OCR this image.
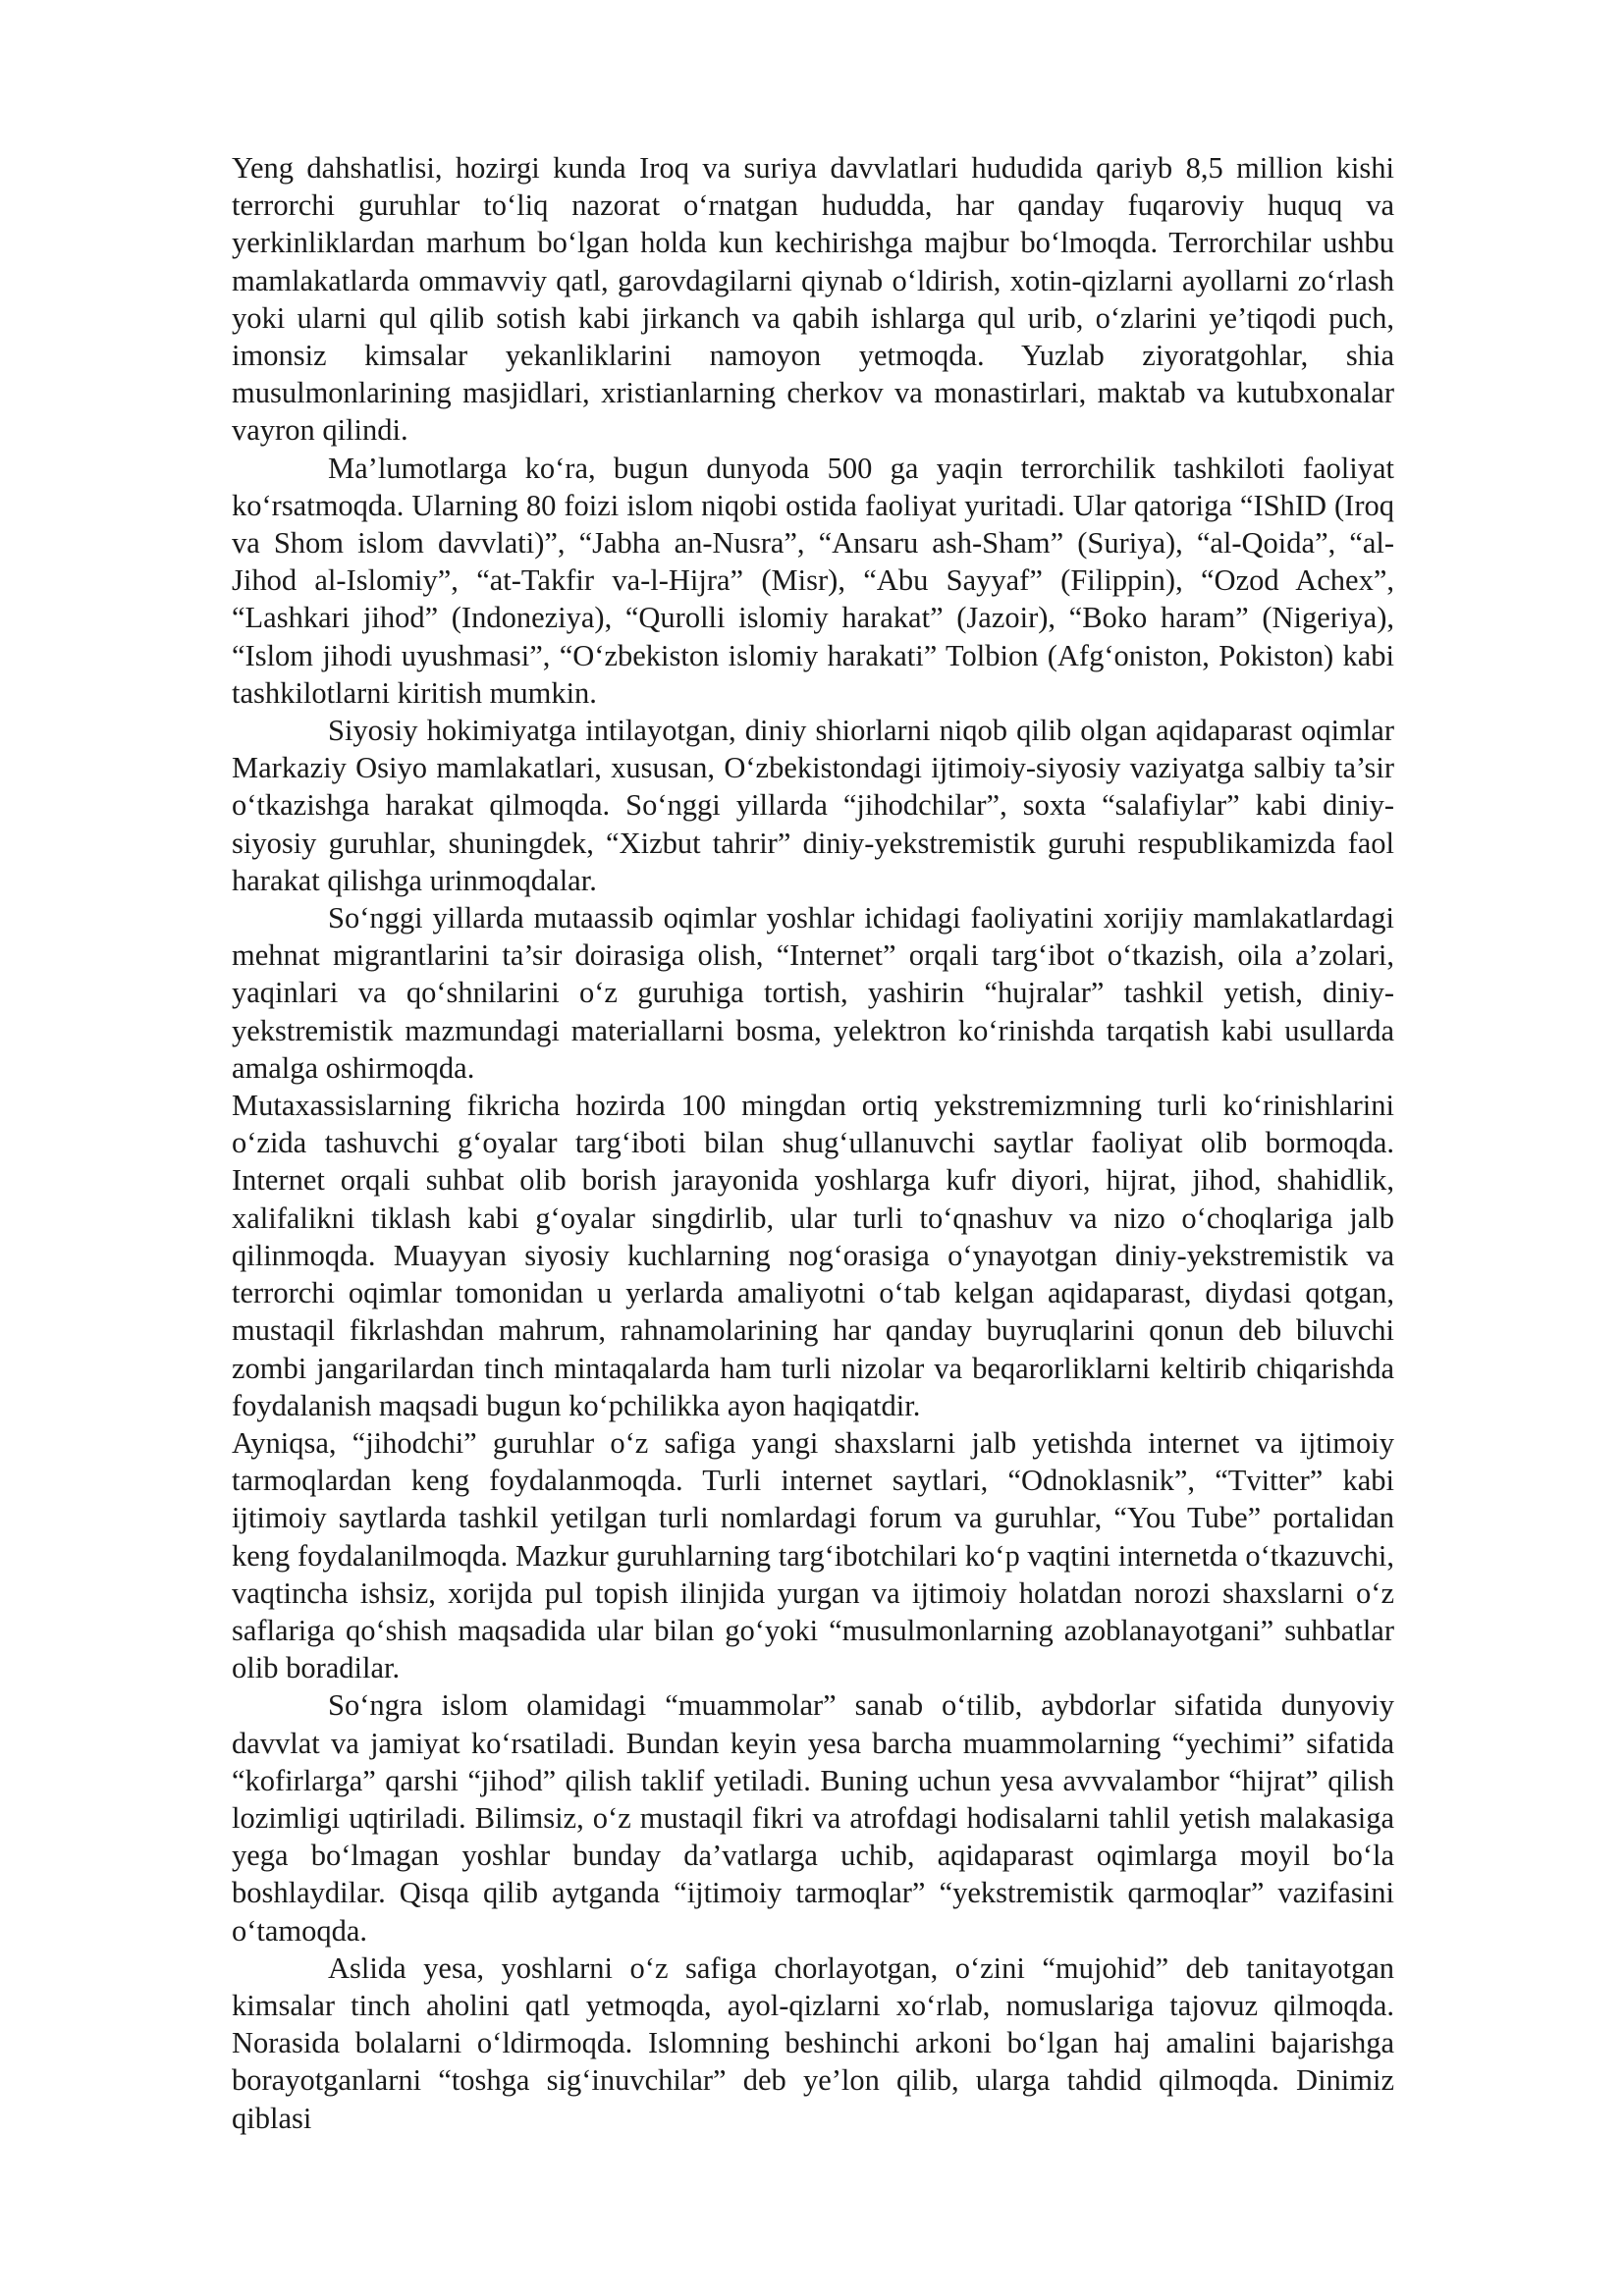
Yeng dahshatlisi, hozirgi kunda Iroq va suriya davvlatlari hududida qariyb 8,5 million kishi terrorchi guruhlar to‘liq nazorat o‘rnatgan hududda, har qanday fuqaroviy huquq va yerkinliklardan marhum bo‘lgan holda kun kechirishga majbur bo‘lmoqda. Terrorchilar ushbu mamlakatlarda ommavviy qatl, garovdagilarni qiynab o‘ldirish, xotin-qizlarni ayollarni zo‘rlash yoki ularni qul qilib sotish kabi jirkanch va qabih ishlarga qul urib, o‘zlarini ye’tiqodi puch, imonsiz kimsalar yekanliklarini namoyon yetmoqda. Yuzlab ziyoratgohlar, shia musulmonlarining masjidlari, xristianlarning cherkov va monastirlari, maktab va kutubxonalar vayron qilindi.

Ma’lumotlarga ko‘ra, bugun dunyoda 500 ga yaqin terrorchilik tashkiloti faoliyat ko‘rsatmoqda. Ularning 80 foizi islom niqobi ostida faoliyat yuritadi. Ular qatoriga “IShID (Iroq va Shom islom davvlati)”, “Jabha an-Nusra”, “Ansaru ash-Sham” (Suriya), “al-Qoida”, “al-Jihod al-Islomiy”, “at-Takfir va-l-Hijra” (Misr), “Abu Sayyaf” (Filippin), “Ozod Achex”, “Lashkari jihod” (Indoneziya), “Qurolli islomiy harakat” (Jazoir), “Boko haram” (Nigeriya), “Islom jihodi uyushmasi”, “O‘zbekiston islomiy harakati” Tolbion (Afg‘oniston, Pokiston) kabi tashkilotlarni kiritish mumkin.

Siyosiy hokimiyatga intilayotgan, diniy shiorlarni niqob qilib olgan aqidaparast oqimlar Markaziy Osiyo mamlakatlari, xususan, O‘zbekistondagi ijtimoiy-siyosiy vaziyatga salbiy ta’sir o‘tkazishga harakat qilmoqda. So‘nggi yillarda “jihodchilar”, soxta “salafiylar” kabi diniy-siyosiy guruhlar, shuningdek, “Xizbut tahrir” diniy-yekstremistik guruhi respublikamizda faol harakat qilishga urinmoqdalar.

So‘nggi yillarda mutaassib oqimlar yoshlar ichidagi faoliyatini xorijiy mamlakatlardagi mehnat migrantlarini ta’sir doirasiga olish, “Internet” orqali targ‘ibot o‘tkazish, oila a’zolari, yaqinlari va qo‘shnilarini o‘z guruhiga tortish, yashirin “hujralar” tashkil yetish, diniy-yekstremistik mazmundagi materiallarni bosma, yelektron ko‘rinishda tarqatish kabi usullarda amalga oshirmoqda.

Mutaxassislarning fikricha hozirda 100 mingdan ortiq yekstremizmning turli ko‘rinishlarini o‘zida tashuvchi g‘oyalar targ‘iboti bilan shug‘ullanuvchi saytlar faoliyat olib bormoqda. Internet orqali suhbat olib borish jarayonida yoshlarga kufr diyori, hijrat, jihod, shahidlik, xalifalikni tiklash kabi g‘oyalar singdirlib, ular turli to‘qnashuv va nizo o‘choqlariga jalb qilinmoqda. Muayyan siyosiy kuchlarning nog‘orasiga o‘ynayotgan diniy-yekstremistik va terrorchi oqimlar tomonidan u yerlarda amaliyotni o‘tab kelgan aqidaparast, diydasi qotgan, mustaqil fikrlashdan mahrum, rahnamolarining har qanday buyruqlarini qonun deb biluvchi zombi jangarilardan tinch mintaqalarda ham turli nizolar va beqarorliklarni keltirib chiqarishda foydalanish maqsadi bugun ko‘pchilikka ayon haqiqatdir.

Ayniqsa, “jihodchi” guruhlar o‘z safiga yangi shaxslarni jalb yetishda internet va ijtimoiy tarmoqlardan keng foydalanmoqda. Turli internet saytlari, “Odnoklasnik”, “Tvitter” kabi ijtimoiy saytlarda tashkil yetilgan turli nomlardagi forum va guruhlar, “You Tube” portalidan keng foydalanilmoqda. Mazkur guruhlarning targ‘ibotchilari ko‘p vaqtini internetda o‘tkazuvchi, vaqtincha ishsiz, xorijda pul topish ilinjida yurgan va ijtimoiy holatdan norozi shaxslarni o‘z saflariga qo‘shish maqsadida ular bilan go‘yoki “musulmonlarning azoblanayotgani” suhbatlar olib boradilar.

So‘ngra islom olamidagi “muammolar” sanab o‘tilib, aybdorlar sifatida dunyoviy davvlat va jamiyat ko‘rsatiladi. Bundan keyin yesa barcha muammolarning “yechimi” sifatida “kofirlarga” qarshi “jihod” qilish taklif yetiladi. Buning uchun yesa avvvalambor “hijrat” qilish lozimligi uqtiriladi. Bilimsiz, o‘z mustaqil fikri va atrofdagi hodisalarni tahlil yetish malakasiga yega bo‘lmagan yoshlar bunday da’vatlarga uchib, aqidaparast oqimlarga moyil bo‘la boshlaydilar. Qisqa qilib aytganda “ijtimoiy tarmoqlar” “yekstremistik qarmoqlar” vazifasini o‘tamoqda.

Aslida yesa, yoshlarni o‘z safiga chorlayotgan, o‘zini “mujohid” deb tanitayotgan kimsalar tinch aholini qatl yetmoqda, ayol-qizlarni xo‘rlab, nomuslariga tajovuz qilmoqda. Norasida bolalarni o‘ldirmoqda. Islomning beshinchi arkoni bo‘lgan haj amalini bajarishga borayotganlarni “toshga sig‘inuvchilar” deb ye’lon qilib, ularga tahdid qilmoqda. Dinimiz qiblasi
